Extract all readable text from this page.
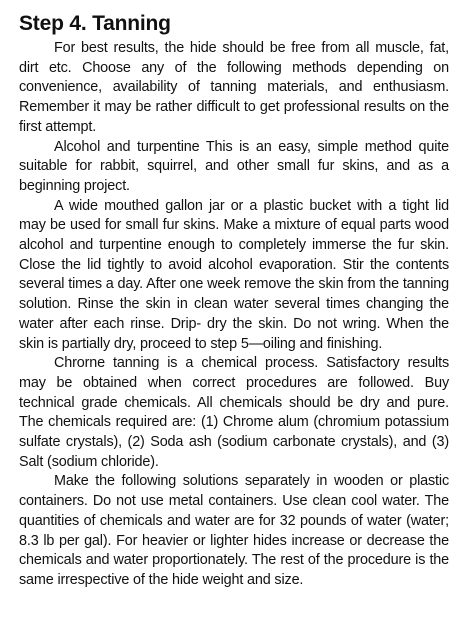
Step 4. Tanning

For best results, the hide should be free from all muscle, fat, dirt etc. Choose any of the following methods depending on convenience, availability of tanning materials, and enthusiasm. Remember it may be rather difficult to get professional results on the first attempt.

Alcohol and turpentine This is an easy, simple method quite suitable for rabbit, squirrel, and other small fur skins, and as a beginning project.

A wide mouthed gallon jar or a plastic bucket with a tight lid may be used for small fur skins. Make a mixture of equal parts wood alcohol and turpentine enough to completely immerse the fur skin. Close the lid tightly to avoid alcohol evaporation. Stir the contents several times a day. After one week remove the skin from the tanning solution. Rinse the skin in clean water several times changing the water after each rinse. Drip- dry the skin. Do not wring. When the skin is partially dry, proceed to step 5—oiling and finishing.

Chrorne tanning is a chemical process. Satisfactory results may be obtained when correct procedures are followed. Buy technical grade chemicals. All chemicals should be dry and pure. The chemicals required are: (1) Chrome alum (chromium potassium sulfate crystals), (2) Soda ash (sodium carbonate crystals), and (3) Salt (sodium chloride).

Make the following solutions separately in wooden or plastic containers. Do not use metal containers. Use clean cool water. The quantities of chemicals and water are for 32 pounds of water (water; 8.3 lb per gal). For heavier or lighter hides increase or decrease the chemicals and water proportionately. The rest of the procedure is the same irrespective of the hide weight and size.
